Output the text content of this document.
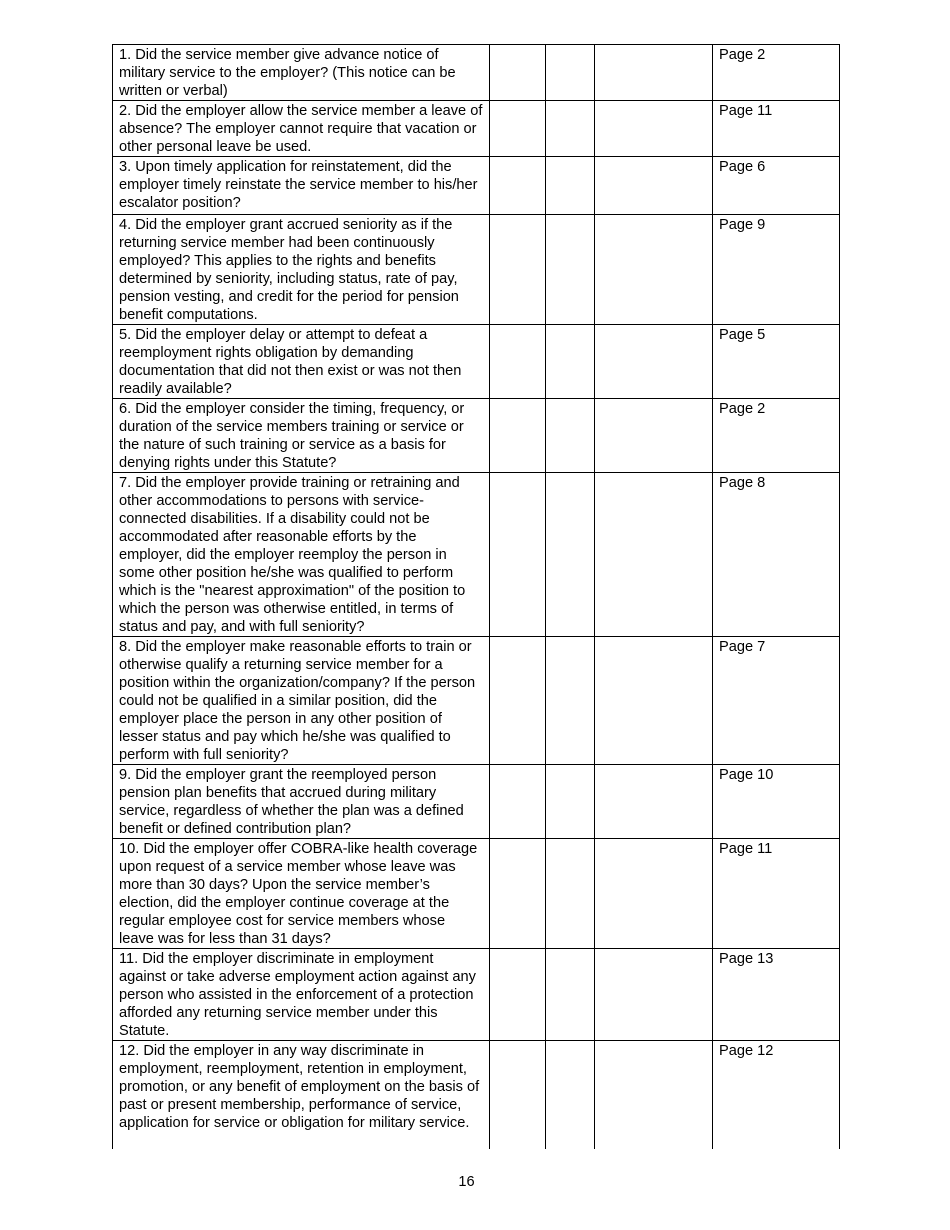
1. Did the service member give advance notice of military service to the employer? (This notice can be written or verbal)				Page 2
2. Did the employer allow the service member a leave of absence? The employer cannot require that vacation or other personal leave be used.				Page 11
3. Upon timely application for reinstatement, did the employer timely reinstate the service member to his/her escalator position?				Page 6
4. Did the employer grant accrued seniority as if the returning service member had been continuously employed? This applies to the rights and benefits determined by seniority, including status, rate of pay, pension vesting, and credit for the period for pension benefit computations.				Page 9
5. Did the employer delay or attempt to defeat a reemployment rights obligation by demanding documentation that did not then exist or was not then readily available?				Page 5
6. Did the employer consider the timing, frequency, or duration of the service members training or service or the nature of such training or service as a basis for denying rights under this Statute?				Page 2
7. Did the employer provide training or retraining and other accommodations to persons with service-connected disabilities. If a disability could not be accommodated after reasonable efforts by the employer, did the employer reemploy the person in some other position he/she was qualified to perform which is the "nearest approximation" of the position to which the person was otherwise entitled, in terms of status and pay, and with full seniority?				Page 8
8. Did the employer make reasonable efforts to train or otherwise qualify a returning service member for a position within the organization/company? If the person could not be qualified in a similar position, did the employer place the person in any other position of lesser status and pay which he/she was qualified to perform with full seniority?				Page 7
9. Did the employer grant the reemployed person pension plan benefits that accrued during military service, regardless of whether the plan was a defined benefit or defined contribution plan?				Page 10
10. Did the employer offer COBRA-like health coverage upon request of a service member whose leave was more than 30 days? Upon the service member’s election, did the employer continue coverage at the regular employee cost for service members whose leave was for less than 31 days?				Page 11
11. Did the employer discriminate in employment against or take adverse employment action against any person who assisted in the enforcement of a protection afforded any returning service member under this Statute.				Page 13
12. Did the employer in any way discriminate in employment, reemployment, retention in employment, promotion, or any benefit of employment on the basis of past or present membership, performance of service, application for service or obligation for military service.				Page 12
16
